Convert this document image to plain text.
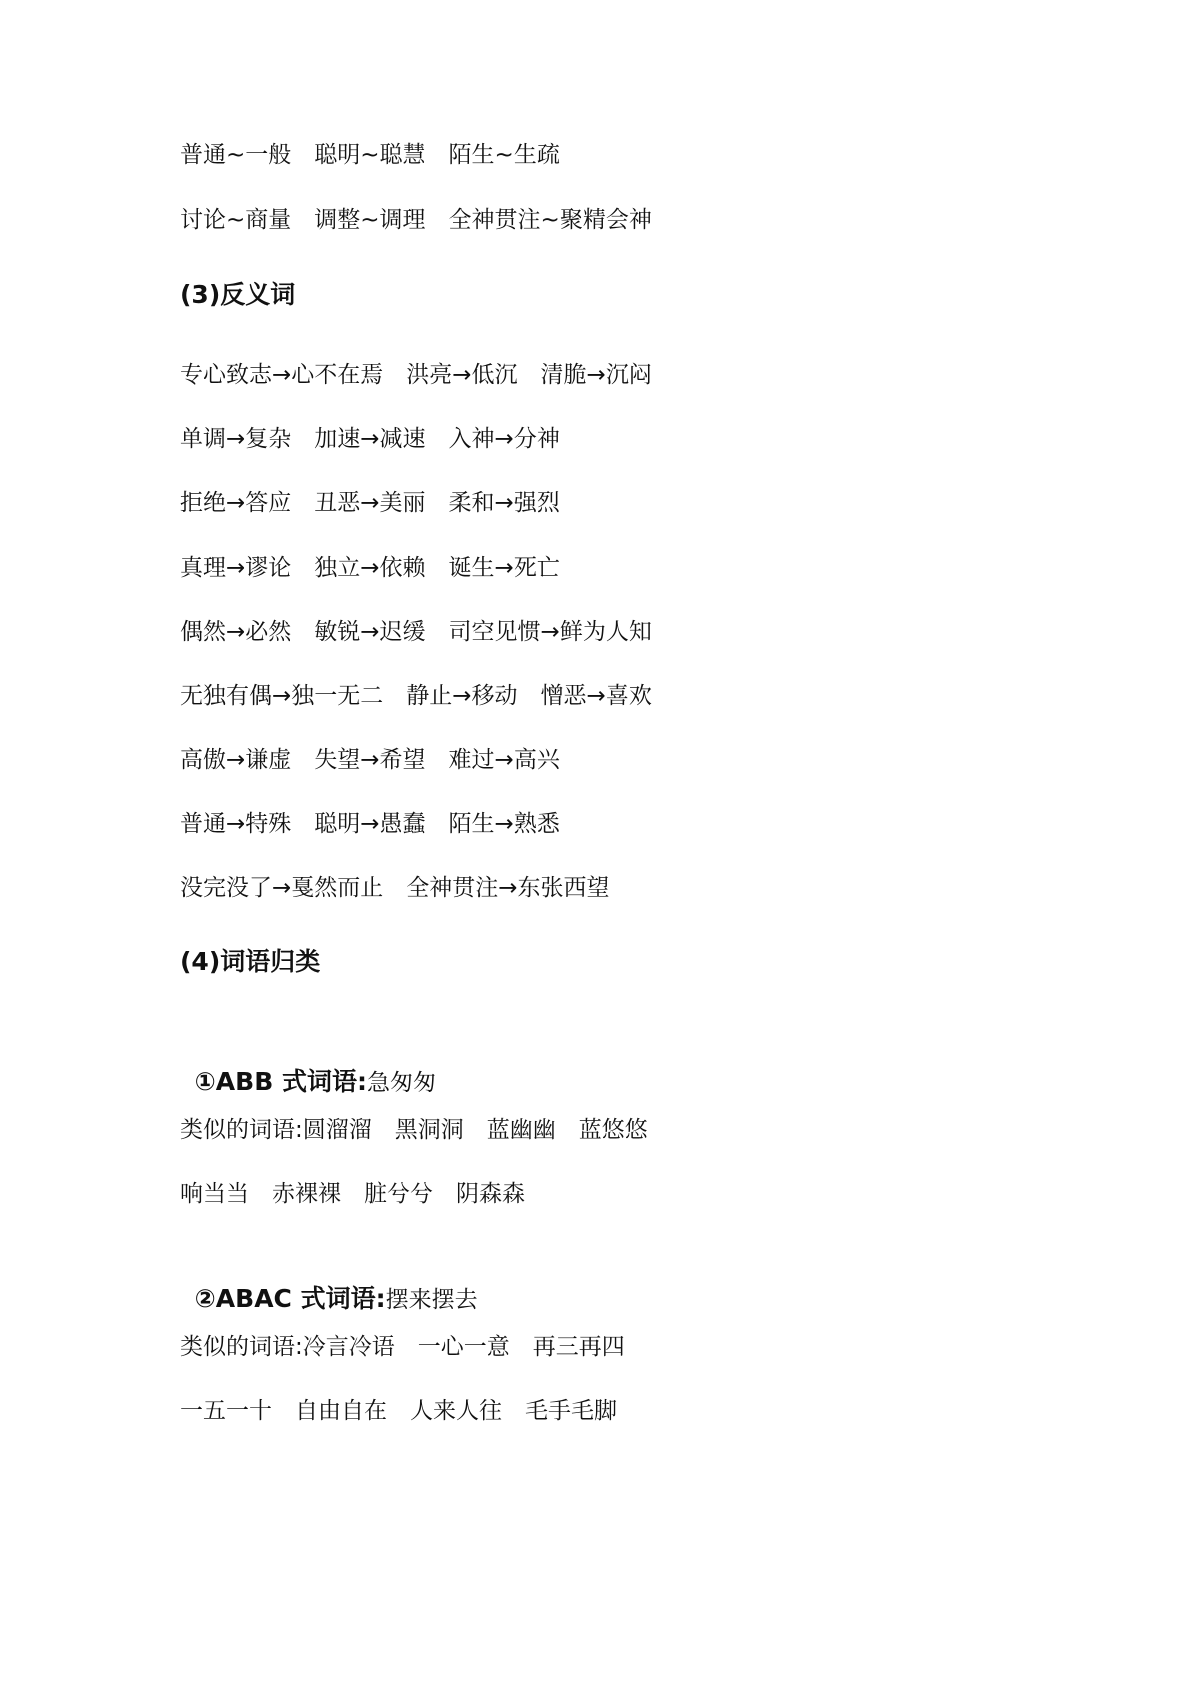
普通~一般　聪明~聪慧　陌生~生疏
讨论~商量　调整~调理　全神贯注~聚精会神
(3)反义词
专心致志→心不在焉　洪亮→低沉　清脆→沉闷
单调→复杂　加速→减速　入神→分神
拒绝→答应　丑恶→美丽　柔和→强烈
真理→谬论　独立→依赖　诞生→死亡
偶然→必然　敏锐→迟缓　司空见惯→鲜为人知
无独有偶→独一无二　静止→移动　憎恶→喜欢
高傲→谦虚　失望→希望　难过→高兴
普通→特殊　聪明→愚蠢　陌生→熟悉
没完没了→戛然而止　全神贯注→东张西望
(4)词语归类

①ABB 式词语:急匆匆

类似的词语:圆溜溜　黑洞洞　蓝幽幽　蓝悠悠
响当当　赤裸裸　脏兮兮　阴森森

②ABAC 式词语:摆来摆去

类似的词语:冷言冷语　一心一意　再三再四
一五一十　自由自在　人来人往　毛手毛脚
